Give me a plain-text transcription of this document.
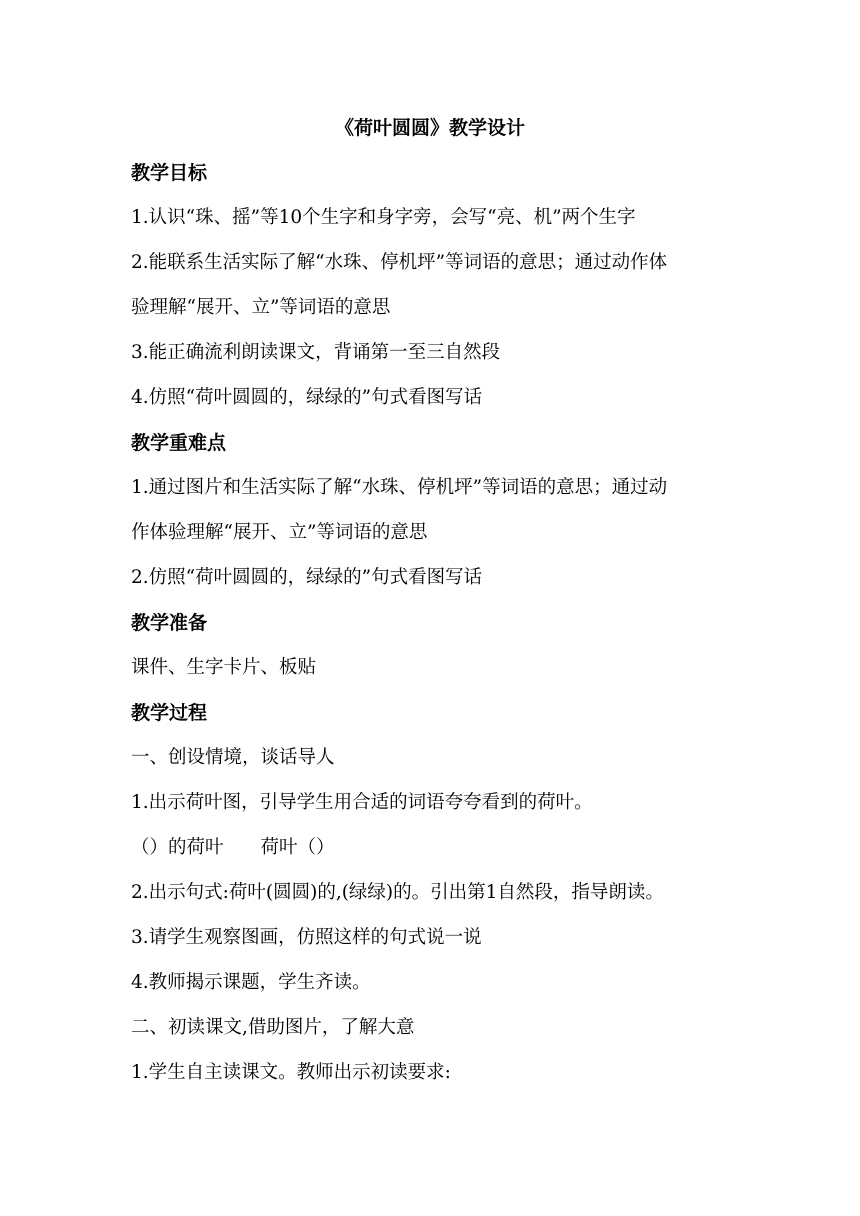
《荷叶圆圆》教学设计
教学目标
1.认识“珠、摇”等10个生字和身字旁，会写“亮、机”两个生字
2.能联系生活实际了解“水珠、停机坪”等词语的意思；通过动作体
验理解“展开、立”等词语的意思
3.能正确流利朗读课文，背诵第一至三自然段
4.仿照“荷叶圆圆的，绿绿的”句式看图写话
教学重难点
1.通过图片和生活实际了解“水珠、停机坪”等词语的意思；通过动
作体验理解“展开、立”等词语的意思
2.仿照“荷叶圆圆的，绿绿的”句式看图写话
教学准备
课件、生字卡片、板贴
教学过程
一、创设情境，谈话导人
1.出示荷叶图，引导学生用合适的词语夸夸看到的荷叶。
（）的荷叶　　荷叶（）
2.出示句式:荷叶(圆圆)的,(绿绿)的。引出第1自然段，指导朗读。
3.请学生观察图画，仿照这样的句式说一说
4.教师揭示课题，学生齐读。
二、初读课文,借助图片，了解大意
1.学生自主读课文。教师出示初读要求:
